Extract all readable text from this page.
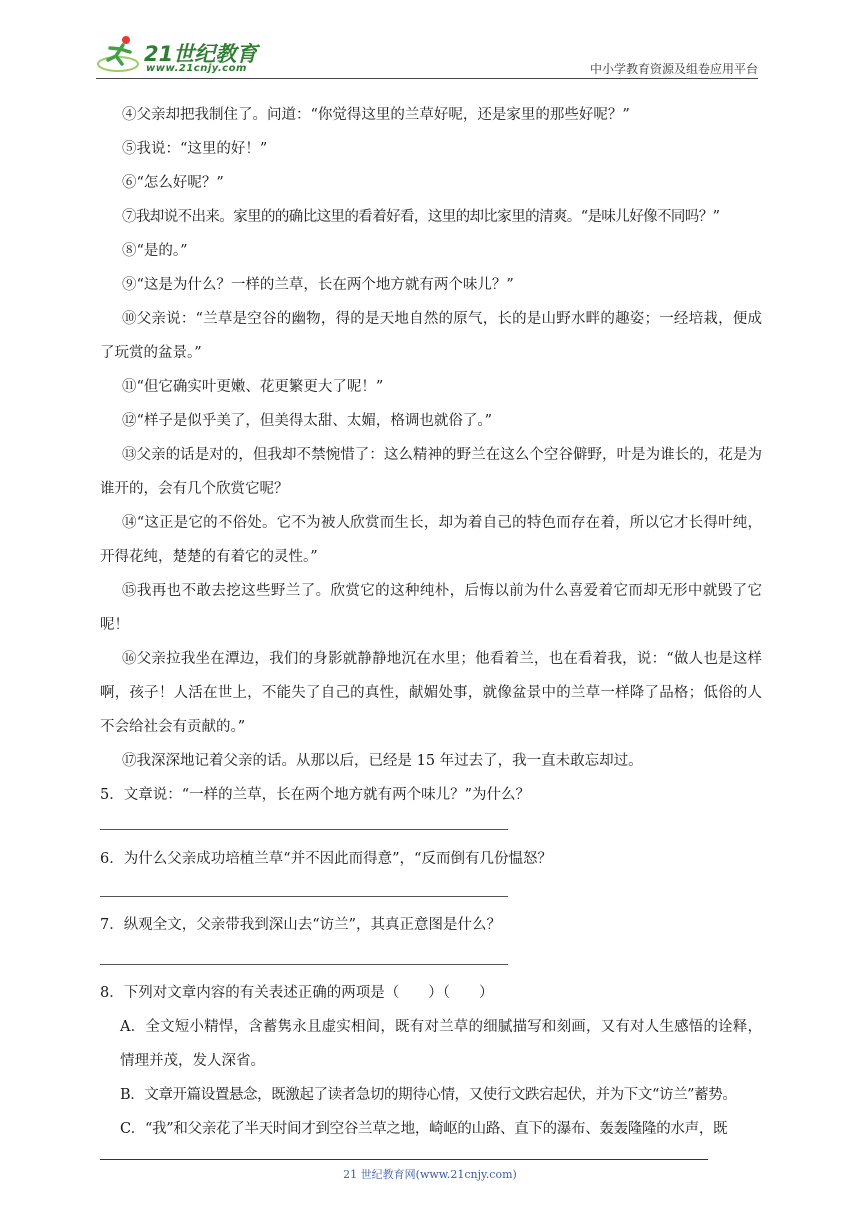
21世纪教育
www.21cnjy.com	中小学教育资源及组卷应用平台
④父亲却把我制住了。问道：“你觉得这里的兰草好呢，还是家里的那些好呢？”
⑤我说：“这里的好！”
⑥“怎么好呢？”
⑦我却说不出来。家里的的确比这里的看着好看，这里的却比家里的清爽。“是味儿好像不同吗？”
⑧“是的。”
⑨“这是为什么？一样的兰草，长在两个地方就有两个味儿？”
⑩父亲说：“兰草是空谷的幽物，得的是天地自然的原气，长的是山野水畔的趣姿；一经培栽，便成了玩赏的盆景。”
⑪“但它确实叶更嫩、花更繁更大了呢！”
⑫“样子是似乎美了，但美得太甜、太媚，格调也就俗了。”
⑬父亲的话是对的，但我却不禁惋惜了：这么精神的野兰在这么个空谷僻野，叶是为谁长的，花是为谁开的，会有几个欣赏它呢？
⑭“这正是它的不俗处。它不为被人欣赏而生长，却为着自己的特色而存在着，所以它才长得叶纯，开得花纯，楚楚的有着它的灵性。”
⑮我再也不敢去挖这些野兰了。欣赏它的这种纯朴，后悔以前为什么喜爱着它而却无形中就毁了它呢！
⑯父亲拉我坐在潭边，我们的身影就静静地沉在水里；他看着兰，也在看着我，说：“做人也是这样啊，孩子！人活在世上，不能失了自己的真性，献媚处事，就像盆景中的兰草一样降了品格；低俗的人不会给社会有贡献的。”
⑰我深深地记着父亲的话。从那以后，已经是 15 年过去了，我一直未敢忘却过。
5．文章说：“一样的兰草，长在两个地方就有两个味儿？”为什么？
6．为什么父亲成功培植兰草“并不因此而得意”，“反而倒有几份愠怒？
7．纵观全文，父亲带我到深山去“访兰”，其真正意图是什么？
8．下列对文章内容的有关表述正确的两项是（　　）（　　）
A．全文短小精悍，含蓄隽永且虚实相间，既有对兰草的细腻描写和刻画，又有对人生感悟的诠释，情理并茂，发人深省。
B．文章开篇设置悬念，既激起了读者急切的期待心情，又使行文跌宕起伏，并为下文“访兰”蓄势。
C．“我”和父亲花了半天时间才到空谷兰草之地，崎岖的山路、直下的瀑布、轰轰隆隆的水声，既
21 世纪教育网(www.21cnjy.com)
